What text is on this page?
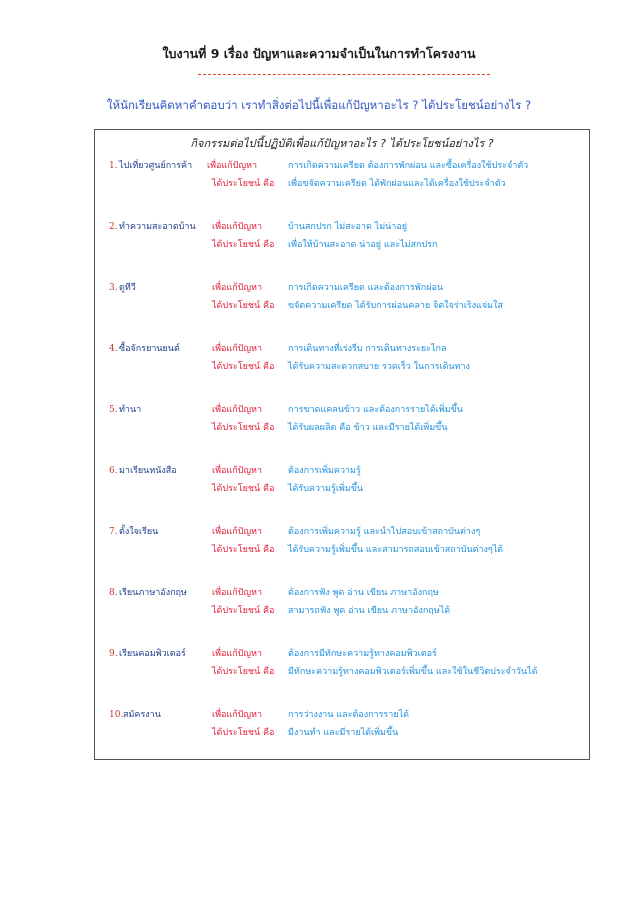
ใบงานที่ 9 เรื่อง ปัญหาและความจำเป็นในการทำโครงงาน
ให้นักเรียนคิดหาคำตอบว่า เราทำสิ่งต่อไปนี้เพื่อแก้ปัญหาอะไร ? ได้ประโยชน์อย่างไร ?
กิจกรรมต่อไปนี้ปฏิบัติเพื่อแก้ปัญหาอะไร ? ได้ประโยชน์อย่างไร ?
1. ไปเที่ยวศูนย์การค้า เพื่อแก้ปัญหา	การเกิดความเครียด ต้องการพักผ่อน และซื้อเครื่องใช้ประจำตัว
ได้ประโยชน์ คือ เพื่อขจัดความเครียด ได้พักผ่อนและได้เครื่องใช้ประจำตัว
2. ทำความสะอาดบ้าน เพื่อแก้ปัญหา	บ้านสกปรก ไม่สะอาด ไม่น่าอยู่
ได้ประโยชน์ คือ เพื่อให้บ้านสะอาด น่าอยู่ และไม่สกปรก
3. ดูทีวี	เพื่อแก้ปัญหา	การเกิดความเครียด และต้องการพักผ่อน
ได้ประโยชน์ คือ ขจัดความเครียด ได้รับการผ่อนคลาย จิตใจร่าเริงแจ่มใส
4. ซื้อจักรยานยนต์	เพื่อแก้ปัญหา	การเดินทางที่เร่งรีบ การเดินทางระยะไกล
ได้ประโยชน์ คือ ได้รับความสะดวกสบาย รวดเร็ว ในการเดินทาง
5. ทำนา	เพื่อแก้ปัญหา	การขาดแคลนข้าว และต้องการรายได้เพิ่มขึ้น
ได้ประโยชน์ คือ ได้รับผลผลิต คือ ข้าว และมีรายได้เพิ่มขึ้น
6. มาเรียนหนังสือ	เพื่อแก้ปัญหา	ต้องการเพิ่มความรู้
ได้ประโยชน์ คือ ได้รับความรู้เพิ่มขึ้น
7. ตั้งใจเรียน	เพื่อแก้ปัญหา	ต้องการเพิ่มความรู้ และนำไปสอบเข้าสถาบันต่างๆ
ได้ประโยชน์ คือ ได้รับความรู้เพิ่มขึ้น และสามารถสอบเข้าสถาบันต่างๆได้
8. เรียนภาษาอังกฤษ	เพื่อแก้ปัญหา	ต้องการฟัง พูด อ่าน เขียน ภาษาอังกฤษ
ได้ประโยชน์ คือ สามารถฟัง พูด อ่าน เขียน ภาษาอังกฤษได้
9. เรียนคอมพิวเตอร์	เพื่อแก้ปัญหา	ต้องการมีทักษะความรู้ทางคอมพิวเตอร์
ได้ประโยชน์ คือ มีทักษะความรู้ทางคอมพิวเตอร์เพิ่มขึ้น และใช้ในชีวิตประจำวันได้
10. สมัครงาน	เพื่อแก้ปัญหา	การว่างงาน และต้องการรายได้
ได้ประโยชน์ คือ มีงานทำ และมีรายได้เพิ่มขึ้น
